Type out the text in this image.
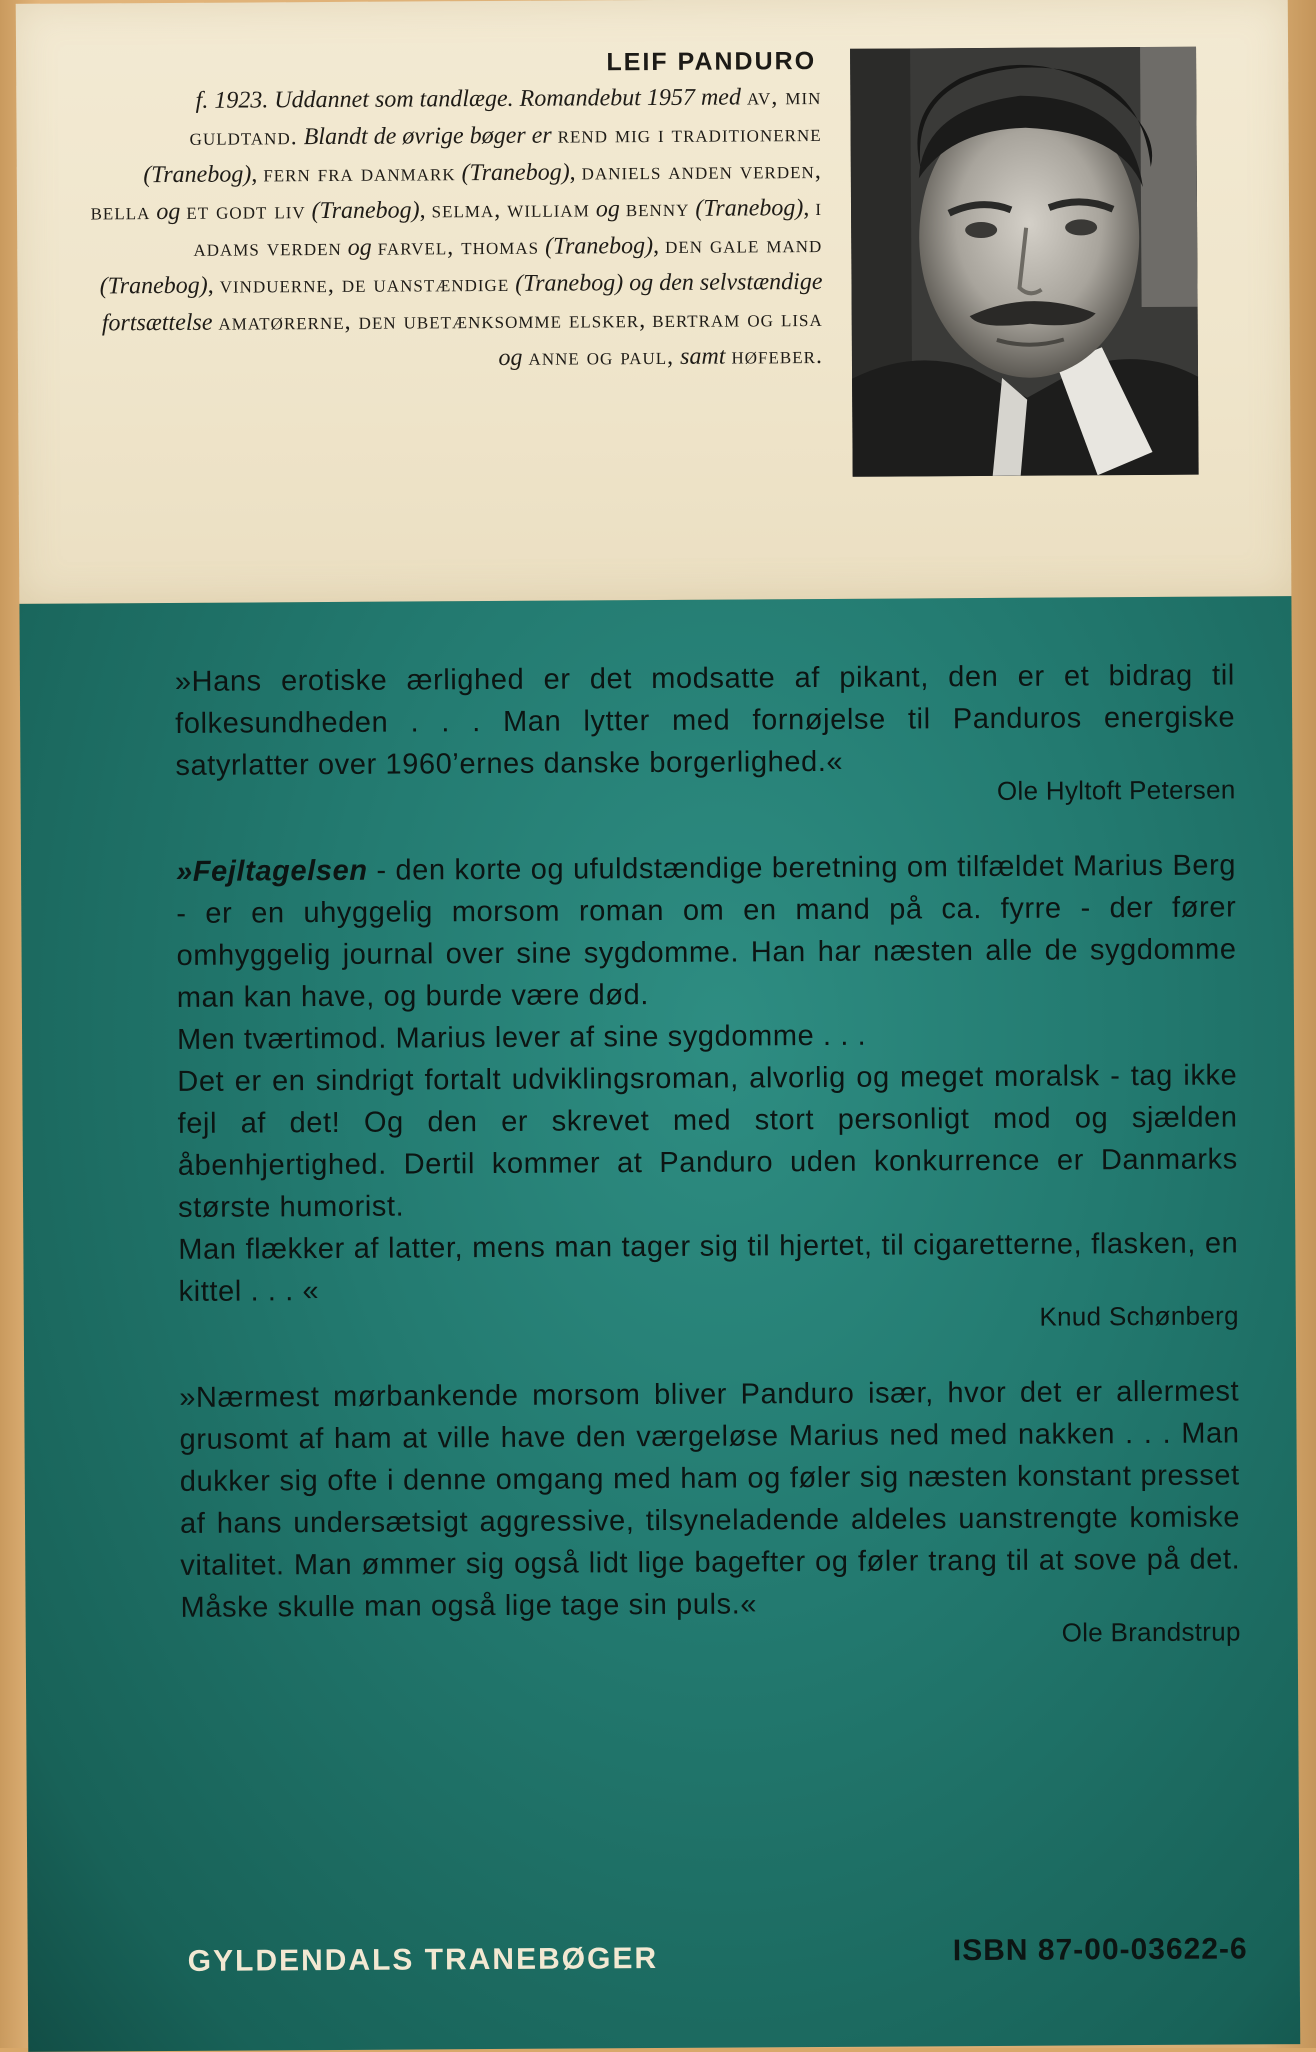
LEIF PANDURO
f. 1923. Uddannet som tandlæge. Romandebut 1957 med av, min guldtand. Blandt de øvrige bøger er rend mig i traditionerne (Tranebog), fern fra danmark (Tranebog), daniels anden verden, bella og et godt liv (Tranebog), selma, william og benny (Tranebog), i adams verden og farvel, thomas (Tranebog), den gale mand (Tranebog), vinduerne, de uanstændige (Tranebog) og den selvstændige fortsættelse amatørerne, den ubetænksomme elsker, bertram og lisa og anne og paul, samt høfeber.

»Hans erotiske ærlighed er det modsatte af pikant, den er et bidrag til folkesundheden . . . Man lytter med fornøjelse til Panduros energiske satyrlatter over 1960’ernes danske borgerlighed.«

Ole Hyltoft Petersen

»Fejltagelsen - den korte og ufuldstændige beretning om tilfældet Marius Berg - er en uhyggelig morsom roman om en mand på ca. fyrre - der fører omhyggelig journal over sine sygdomme. Han har næsten alle de sygdomme man kan have, og burde være død.

Men tværtimod. Marius lever af sine sygdomme . . .

Det er en sindrigt fortalt udviklingsroman, alvorlig og meget moralsk - tag ikke fejl af det! Og den er skrevet med stort personligt mod og sjælden åbenhjertighed. Dertil kommer at Panduro uden konkurrence er Danmarks største humorist.

Man flækker af latter, mens man tager sig til hjertet, til cigaretterne, flasken, en kittel . . . «

Knud Schønberg

»Nærmest mørbankende morsom bliver Panduro især, hvor det er allermest grusomt af ham at ville have den værgeløse Marius ned med nakken . . . Man dukker sig ofte i denne omgang med ham og føler sig næsten konstant presset af hans undersætsigt aggressive, tilsyneladende aldeles uanstrengte komiske vitalitet. Man ømmer sig også lidt lige bagefter og føler trang til at sove på det. Måske skulle man også lige tage sin puls.«

Ole Brandstrup
GYLDENDALS TRANEBØGER	ISBN 87-00-03622-6
